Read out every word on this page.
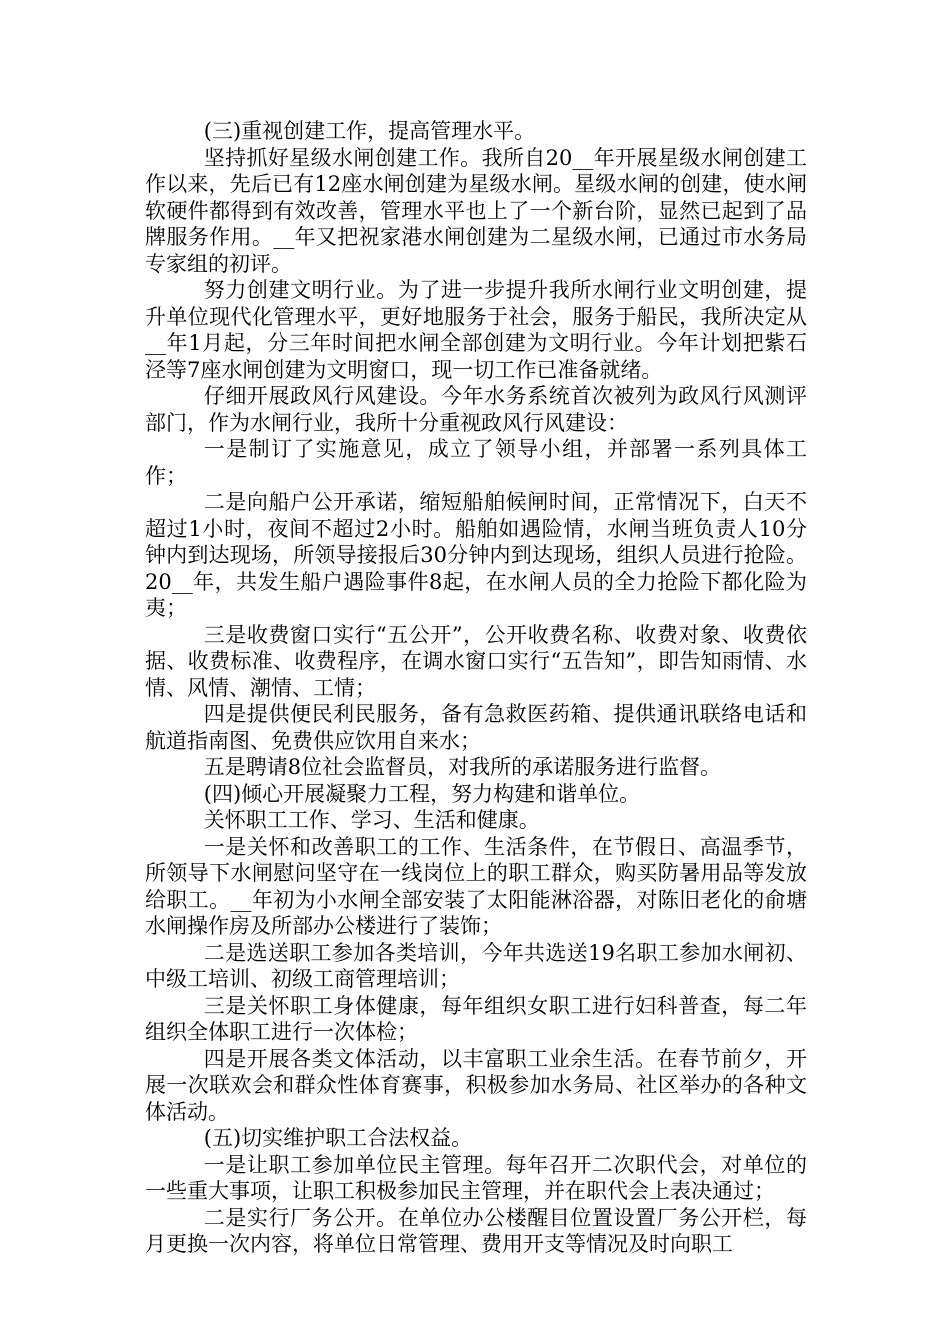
(三)重视创建工作，提高管理水平。

坚持抓好星级水闸创建工作。我所自20__年开展星级水闸创建工作以来，先后已有12座水闸创建为星级水闸。星级水闸的创建，使水闸软硬件都得到有效改善，管理水平也上了一个新台阶，显然已起到了品牌服务作用。__年又把祝家港水闸创建为二星级水闸，已通过市水务局专家组的初评。

努力创建文明行业。为了进一步提升我所水闸行业文明创建，提升单位现代化管理水平，更好地服务于社会，服务于船民，我所决定从__年1月起，分三年时间把水闸全部创建为文明行业。今年计划把紫石泾等7座水闸创建为文明窗口，现一切工作已准备就绪。

仔细开展政风行风建设。今年水务系统首次被列为政风行风测评部门，作为水闸行业，我所十分重视政风行风建设：

一是制订了实施意见，成立了领导小组，并部署一系列具体工作；

二是向船户公开承诺，缩短船舶候闸时间，正常情况下，白天不超过1小时，夜间不超过2小时。船舶如遇险情，水闸当班负责人10分钟内到达现场，所领导接报后30分钟内到达现场，组织人员进行抢险。20__年，共发生船户遇险事件8起，在水闸人员的全力抢险下都化险为夷；

三是收费窗口实行“五公开”，公开收费名称、收费对象、收费依据、收费标准、收费程序，在调水窗口实行“五告知”，即告知雨情、水情、风情、潮情、工情；

四是提供便民利民服务，备有急救医药箱、提供通讯联络电话和航道指南图、免费供应饮用自来水；

五是聘请8位社会监督员，对我所的承诺服务进行监督。

(四)倾心开展凝聚力工程，努力构建和谐单位。

关怀职工工作、学习、生活和健康。

一是关怀和改善职工的工作、生活条件，在节假日、高温季节，所领导下水闸慰问坚守在一线岗位上的职工群众，购买防暑用品等发放给职工。__年初为小水闸全部安装了太阳能淋浴器，对陈旧老化的俞塘水闸操作房及所部办公楼进行了装饰；

二是选送职工参加各类培训，今年共选送19名职工参加水闸初、中级工培训、初级工商管理培训；

三是关怀职工身体健康，每年组织女职工进行妇科普查，每二年组织全体职工进行一次体检；

四是开展各类文体活动，以丰富职工业余生活。在春节前夕，开展一次联欢会和群众性体育赛事，积极参加水务局、社区举办的各种文体活动。

(五)切实维护职工合法权益。

一是让职工参加单位民主管理。每年召开二次职代会，对单位的一些重大事项，让职工积极参加民主管理，并在职代会上表决通过；

二是实行厂务公开。在单位办公楼醒目位置设置厂务公开栏，每月更换一次内容，将单位日常管理、费用开支等情况及时向职工
